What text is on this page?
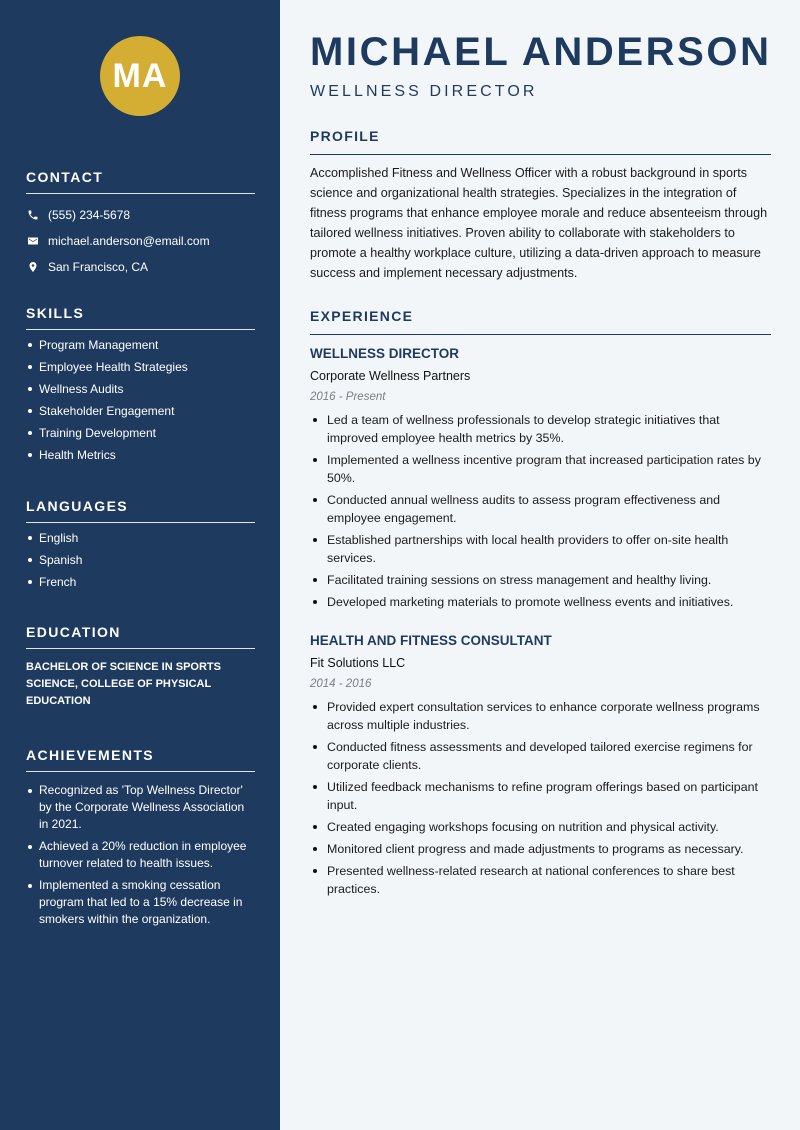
MA
CONTACT
(555) 234-5678
michael.anderson@email.com
San Francisco, CA
SKILLS
Program Management
Employee Health Strategies
Wellness Audits
Stakeholder Engagement
Training Development
Health Metrics
LANGUAGES
English
Spanish
French
EDUCATION
BACHELOR OF SCIENCE IN SPORTS SCIENCE, COLLEGE OF PHYSICAL EDUCATION
ACHIEVEMENTS
Recognized as 'Top Wellness Director' by the Corporate Wellness Association in 2021.
Achieved a 20% reduction in employee turnover related to health issues.
Implemented a smoking cessation program that led to a 15% decrease in smokers within the organization.
MICHAEL ANDERSON
WELLNESS DIRECTOR
PROFILE
Accomplished Fitness and Wellness Officer with a robust background in sports science and organizational health strategies. Specializes in the integration of fitness programs that enhance employee morale and reduce absenteeism through tailored wellness initiatives. Proven ability to collaborate with stakeholders to promote a healthy workplace culture, utilizing a data-driven approach to measure success and implement necessary adjustments.
EXPERIENCE
WELLNESS DIRECTOR
Corporate Wellness Partners
2016 - Present
Led a team of wellness professionals to develop strategic initiatives that improved employee health metrics by 35%.
Implemented a wellness incentive program that increased participation rates by 50%.
Conducted annual wellness audits to assess program effectiveness and employee engagement.
Established partnerships with local health providers to offer on-site health services.
Facilitated training sessions on stress management and healthy living.
Developed marketing materials to promote wellness events and initiatives.
HEALTH AND FITNESS CONSULTANT
Fit Solutions LLC
2014 - 2016
Provided expert consultation services to enhance corporate wellness programs across multiple industries.
Conducted fitness assessments and developed tailored exercise regimens for corporate clients.
Utilized feedback mechanisms to refine program offerings based on participant input.
Created engaging workshops focusing on nutrition and physical activity.
Monitored client progress and made adjustments to programs as necessary.
Presented wellness-related research at national conferences to share best practices.
